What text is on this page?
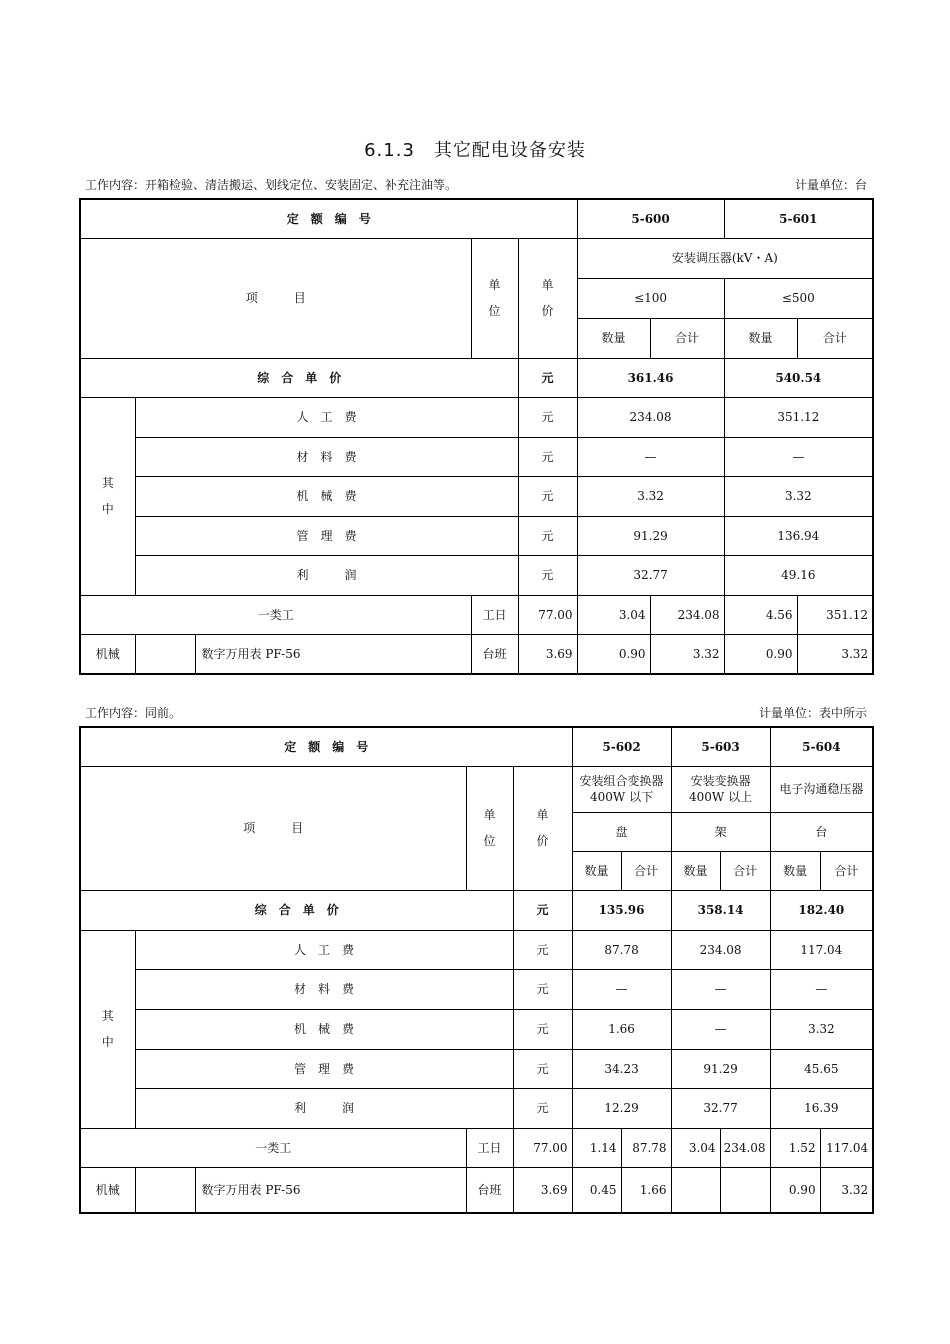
6.1.3　其它配电设备安装
工作内容：开箱检验、清洁搬运、划线定位、安装固定、补充注油等。	计量单位：台
定　额　编　号					5-600		5-601	
项　　　目			单位	单价	安装调压器(kV・A)			
					≤100		≤500	
					数量	合计	数量	合计
综　合　单　价				元	361.46		540.54	
其中	人　工　费			元	234.08		351.12	
	材　料　费			元	—		—	
	机　械　费			元	3.32		3.32	
	管　理　费			元	91.29		136.94	
	利　　　润			元	32.77		49.16	
一类工			工日	77.00	3.04	234.08	4.56	351.12
机械		数字万用表 PF-56	台班	3.69	0.90	3.32	0.90	3.32
工作内容：同前。	计量单位：表中所示
定　额　编　号					5-602		5-603		5-604	
项　　　目			单位	单价	安装组合变换器 400W 以下		安装变换器 400W 以上		电子沟通稳压器	
					盘		架		台	
					数量	合计	数量	合计	数量	合计
综　合　单　价				元	135.96		358.14		182.40	
其中	人　工　费			元	87.78		234.08		117.04	
	材　料　费			元	—		—		—	
	机　械　费			元	1.66		—		3.32	
	管　理　费			元	34.23		91.29		45.65	
	利　　　润			元	12.29		32.77		16.39	
一类工			工日	77.00	1.14	87.78	3.04	234.08	1.52	117.04
机械		数字万用表 PF-56	台班	3.69	0.45	1.66			0.90	3.32
